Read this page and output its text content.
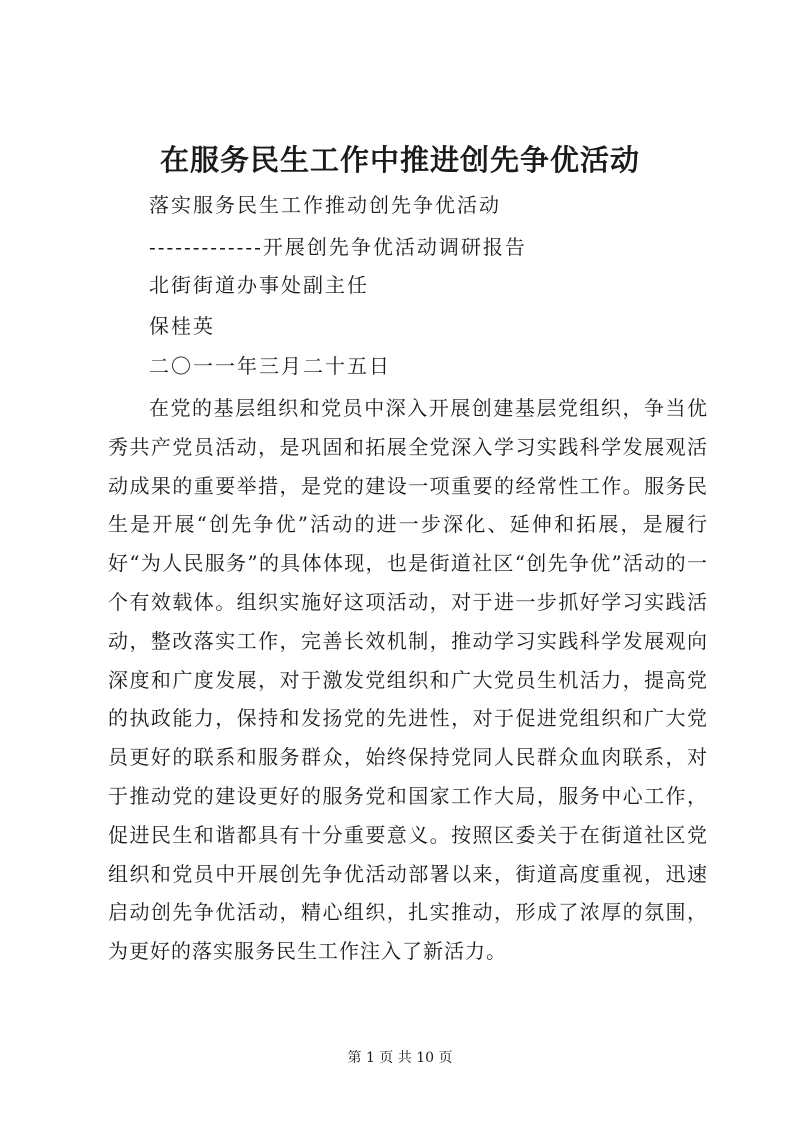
在服务民生工作中推进创先争优活动
落实服务民生工作推动创先争优活动
-------------开展创先争优活动调研报告
北街街道办事处副主任
保桂英
二〇一一年三月二十五日

在党的基层组织和党员中深入开展创建基层党组织，争当优秀共产党员活动，是巩固和拓展全党深入学习实践科学发展观活动成果的重要举措，是党的建设一项重要的经常性工作。服务民生是开展“创先争优”活动的进一步深化、延伸和拓展，是履行好“为人民服务”的具体体现，也是街道社区“创先争优”活动的一个有效载体。组织实施好这项活动，对于进一步抓好学习实践活动，整改落实工作，完善长效机制，推动学习实践科学发展观向深度和广度发展，对于激发党组织和广大党员生机活力，提高党的执政能力，保持和发扬党的先进性，对于促进党组织和广大党员更好的联系和服务群众，始终保持党同人民群众血肉联系，对于推动党的建设更好的服务党和国家工作大局，服务中心工作，促进民生和谐都具有十分重要意义。按照区委关于在街道社区党组织和党员中开展创先争优活动部署以来，街道高度重视，迅速启动创先争优活动，精心组织，扎实推动，形成了浓厚的氛围，为更好的落实服务民生工作注入了新活力。

第 1 页 共 10 页
